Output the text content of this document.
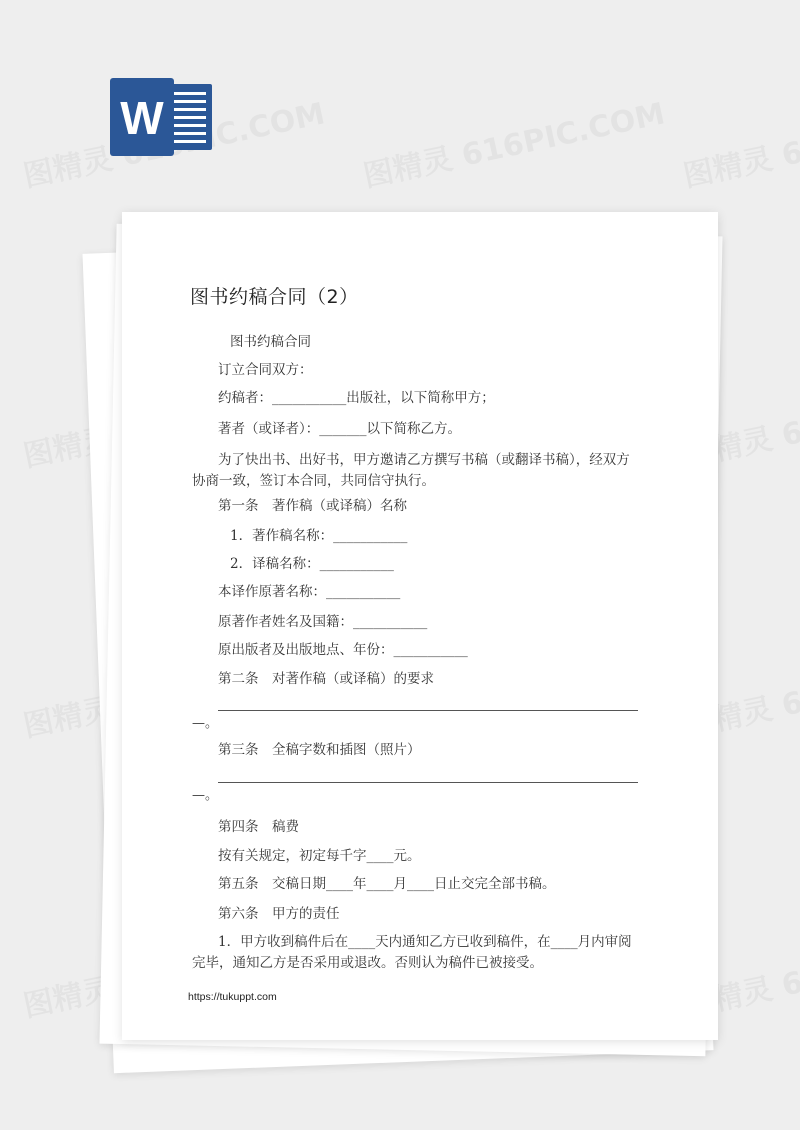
W
图书约稿合同（2）

图书约稿合同

订立合同双方：

约稿者：___________出版社，以下简称甲方；

著者（或译者）：_______以下简称乙方。

为了快出书、出好书，甲方邀请乙方撰写书稿（或翻译书稿），经双方协商一致，签订本合同，共同信守执行。

第一条　著作稿（或译稿）名称

1．著作稿名称：___________

2．译稿名称：___________

本译作原著名称：___________

原著作者姓名及国籍：___________

原出版者及出版地点、年份：___________

第二条　对著作稿（或译稿）的要求

—。

第三条　全稿字数和插图（照片）

—。

第四条　稿费

按有关规定，初定每千字____元。

第五条　交稿日期____年____月____日止交完全部书稿。

第六条　甲方的责任

1．甲方收到稿件后在____天内通知乙方已收到稿件，在____月内审阅完毕，通知乙方是否采用或退改。否则认为稿件已被接受。

https://tukuppt.com
